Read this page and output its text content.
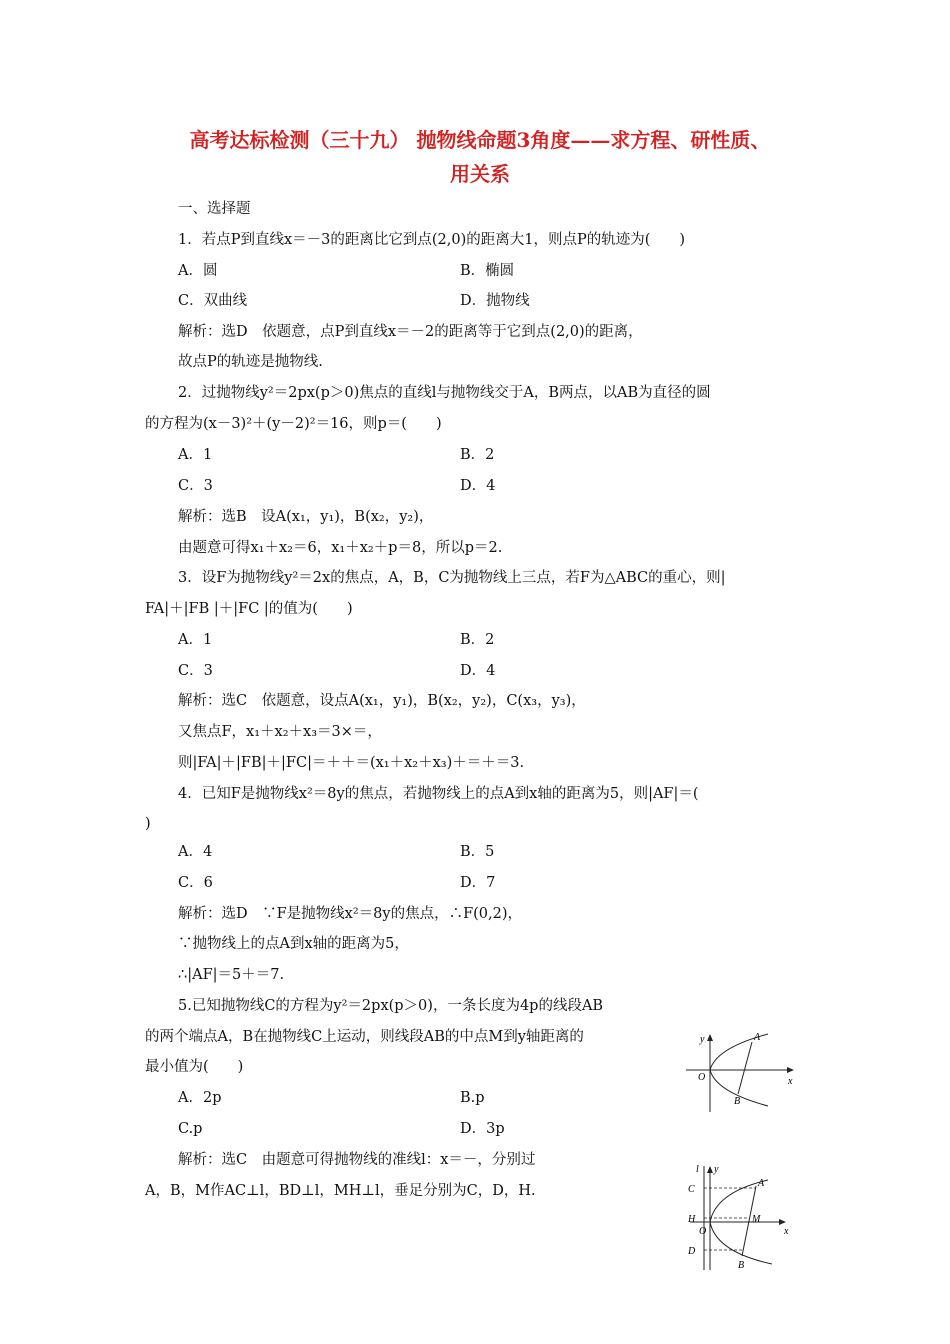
高考达标检测（三十九） 抛物线命题3角度——求方程、研性质、
用关系
一、选择题
1．若点P到直线x＝－3的距离比它到点(2,0)的距离大1，则点P的轨迹为(　　)
A．圆	B．椭圆
C．双曲线	D．抛物线
解析：选D　依题意，点P到直线x＝－2的距离等于它到点(2,0)的距离，
故点P的轨迹是抛物线.
2．过抛物线y²＝2px(p＞0)焦点的直线l与抛物线交于A，B两点，以AB为直径的圆
的方程为(x－3)²＋(y－2)²＝16，则p＝(　　)
A．1	B．2
C．3	D．4
解析：选B　设A(x₁，y₁)，B(x₂，y₂)，
由题意可得x₁＋x₂＝6，x₁＋x₂＋p＝8，所以p＝2.
3．设F为抛物线y²＝2x的焦点，A，B，C为抛物线上三点，若F为△ABC的重心，则|
FA|＋|FB |＋|FC |的值为(　　)
A．1	B．2
C．3	D．4
解析：选C　依题意，设点A(x₁，y₁)，B(x₂，y₂)，C(x₃，y₃)，
又焦点F，x₁＋x₂＋x₃＝3×＝，
则|FA|＋|FB|＋|FC|＝＋＋＝(x₁＋x₂＋x₃)＋＝＋＝3.
4．已知F是抛物线x²＝8y的焦点，若抛物线上的点A到x轴的距离为5，则|AF|＝(
)
A．4	B．5
C．6	D．7
解析：选D　∵F是抛物线x²＝8y的焦点，∴F(0,2)，
∵抛物线上的点A到x轴的距离为5，
∴|AF|＝5＋＝7.
5.已知抛物线C的方程为y²＝2px(p＞0)，一条长度为4p的线段AB
的两个端点A，B在抛物线C上运动，则线段AB的中点M到y轴距离的
最小值为(　　)
A．2p	B.p
C.p	D．3p
解析：选C　由题意可得抛物线的准线l：x＝－，分别过
A，B，M作AC⊥l，BD⊥l，MH⊥l，垂足分别为C，D，H.
y	A
O	x
B
l y
C
A
H
O
M
x
D
B
